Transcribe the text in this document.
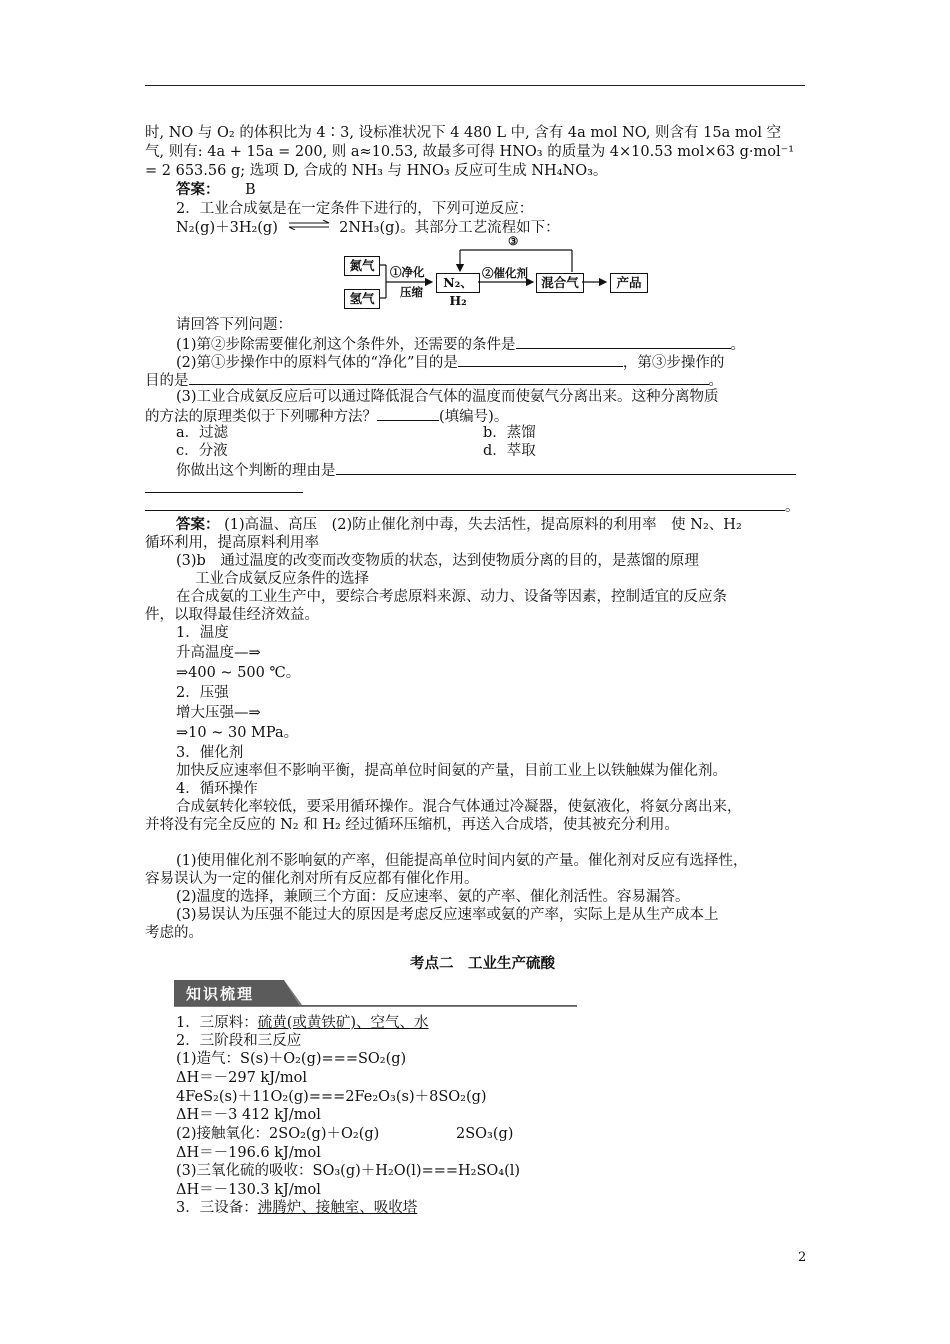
时, NO 与 O₂ 的体积比为 4∶3, 设标准状况下 4 480 L 中, 含有 4a mol NO, 则含有 15a mol 空
气, 则有: 4a + 15a = 200, 则 a≈10.53, 故最多可得 HNO₃ 的质量为 4×10.53 mol×63 g·mol⁻¹
= 2 653.56 g; 选项 D, 合成的 NH₃ 与 HNO₃ 反应可生成 NH₄NO₃。
答案： B
2．工业合成氨是在一定条件下进行的，下列可逆反应：
N₂(g)＋3H₂(g) ⇌ 2NH₃(g)。其部分工艺流程如下：
氮气
氢气
①净化
压缩
N₂、H₂
②催化剂
③
混合气	产品
请回答下列问题：
(1)第②步除需要催化剂这个条件外，还需要的条件是	。
(2)第①步操作中的原料气体的“净化”目的是	，第③步操作的
目的是	。
(3)工业合成氨反应后可以通过降低混合气体的温度而使氨气分离出来。这种分离物质
的方法的原理类似于下列哪种方法？	(填编号)。
a．过滤	b．蒸馏
c．分液	d．萃取
你做出这个判断的理由是
。
答案： (1)高温、高压　(2)防止催化剂中毒，失去活性，提高原料的利用率　使 N₂、H₂
循环利用，提高原料利用率
(3)b　通过温度的改变而改变物质的状态，达到使物质分离的目的，是蒸馏的原理
工业合成氨反应条件的选择
在合成氨的工业生产中，要综合考虑原料来源、动力、设备等因素，控制适宜的反应条
件，以取得最佳经济效益。
1．温度
升高温度—⇒
⇒400 ~ 500 ℃。
2．压强
增大压强—⇒
⇒10 ~ 30 MPa。
3．催化剂
加快反应速率但不影响平衡，提高单位时间氨的产量，目前工业上以铁触媒为催化剂。
4．循环操作
合成氨转化率较低，要采用循环操作。混合气体通过冷凝器，使氨液化，将氨分离出来，
并将没有完全反应的 N₂ 和 H₂ 经过循环压缩机，再送入合成塔，使其被充分利用。
(1)使用催化剂不影响氨的产率，但能提高单位时间内氨的产量。催化剂对反应有选择性，
容易误认为一定的催化剂对所有反应都有催化作用。
(2)温度的选择，兼顾三个方面：反应速率、氨的产率、催化剂活性。容易漏答。
(3)易误认为压强不能过大的原因是考虑反应速率或氨的产率，实际上是从生产成本上
考虑的。
考点二　工业生产硫酸
知识梳理
1．三原料：硫黄(或黄铁矿)、空气、水
2．三阶段和三反应
(1)造气：S(s)＋O₂(g)===SO₂(g)
ΔH＝－297 kJ/mol
4FeS₂(s)＋11O₂(g)===2Fe₂O₃(s)＋8SO₂(g)
ΔH＝－3 412 kJ/mol
(2)接触氧化：2SO₂(g)＋O₂(g)	2SO₃(g)
ΔH＝－196.6 kJ/mol
(3)三氧化硫的吸收：SO₃(g)＋H₂O(l)===H₂SO₄(l)
ΔH＝－130.3 kJ/mol
3．三设备：沸腾炉、接触室、吸收塔
2
